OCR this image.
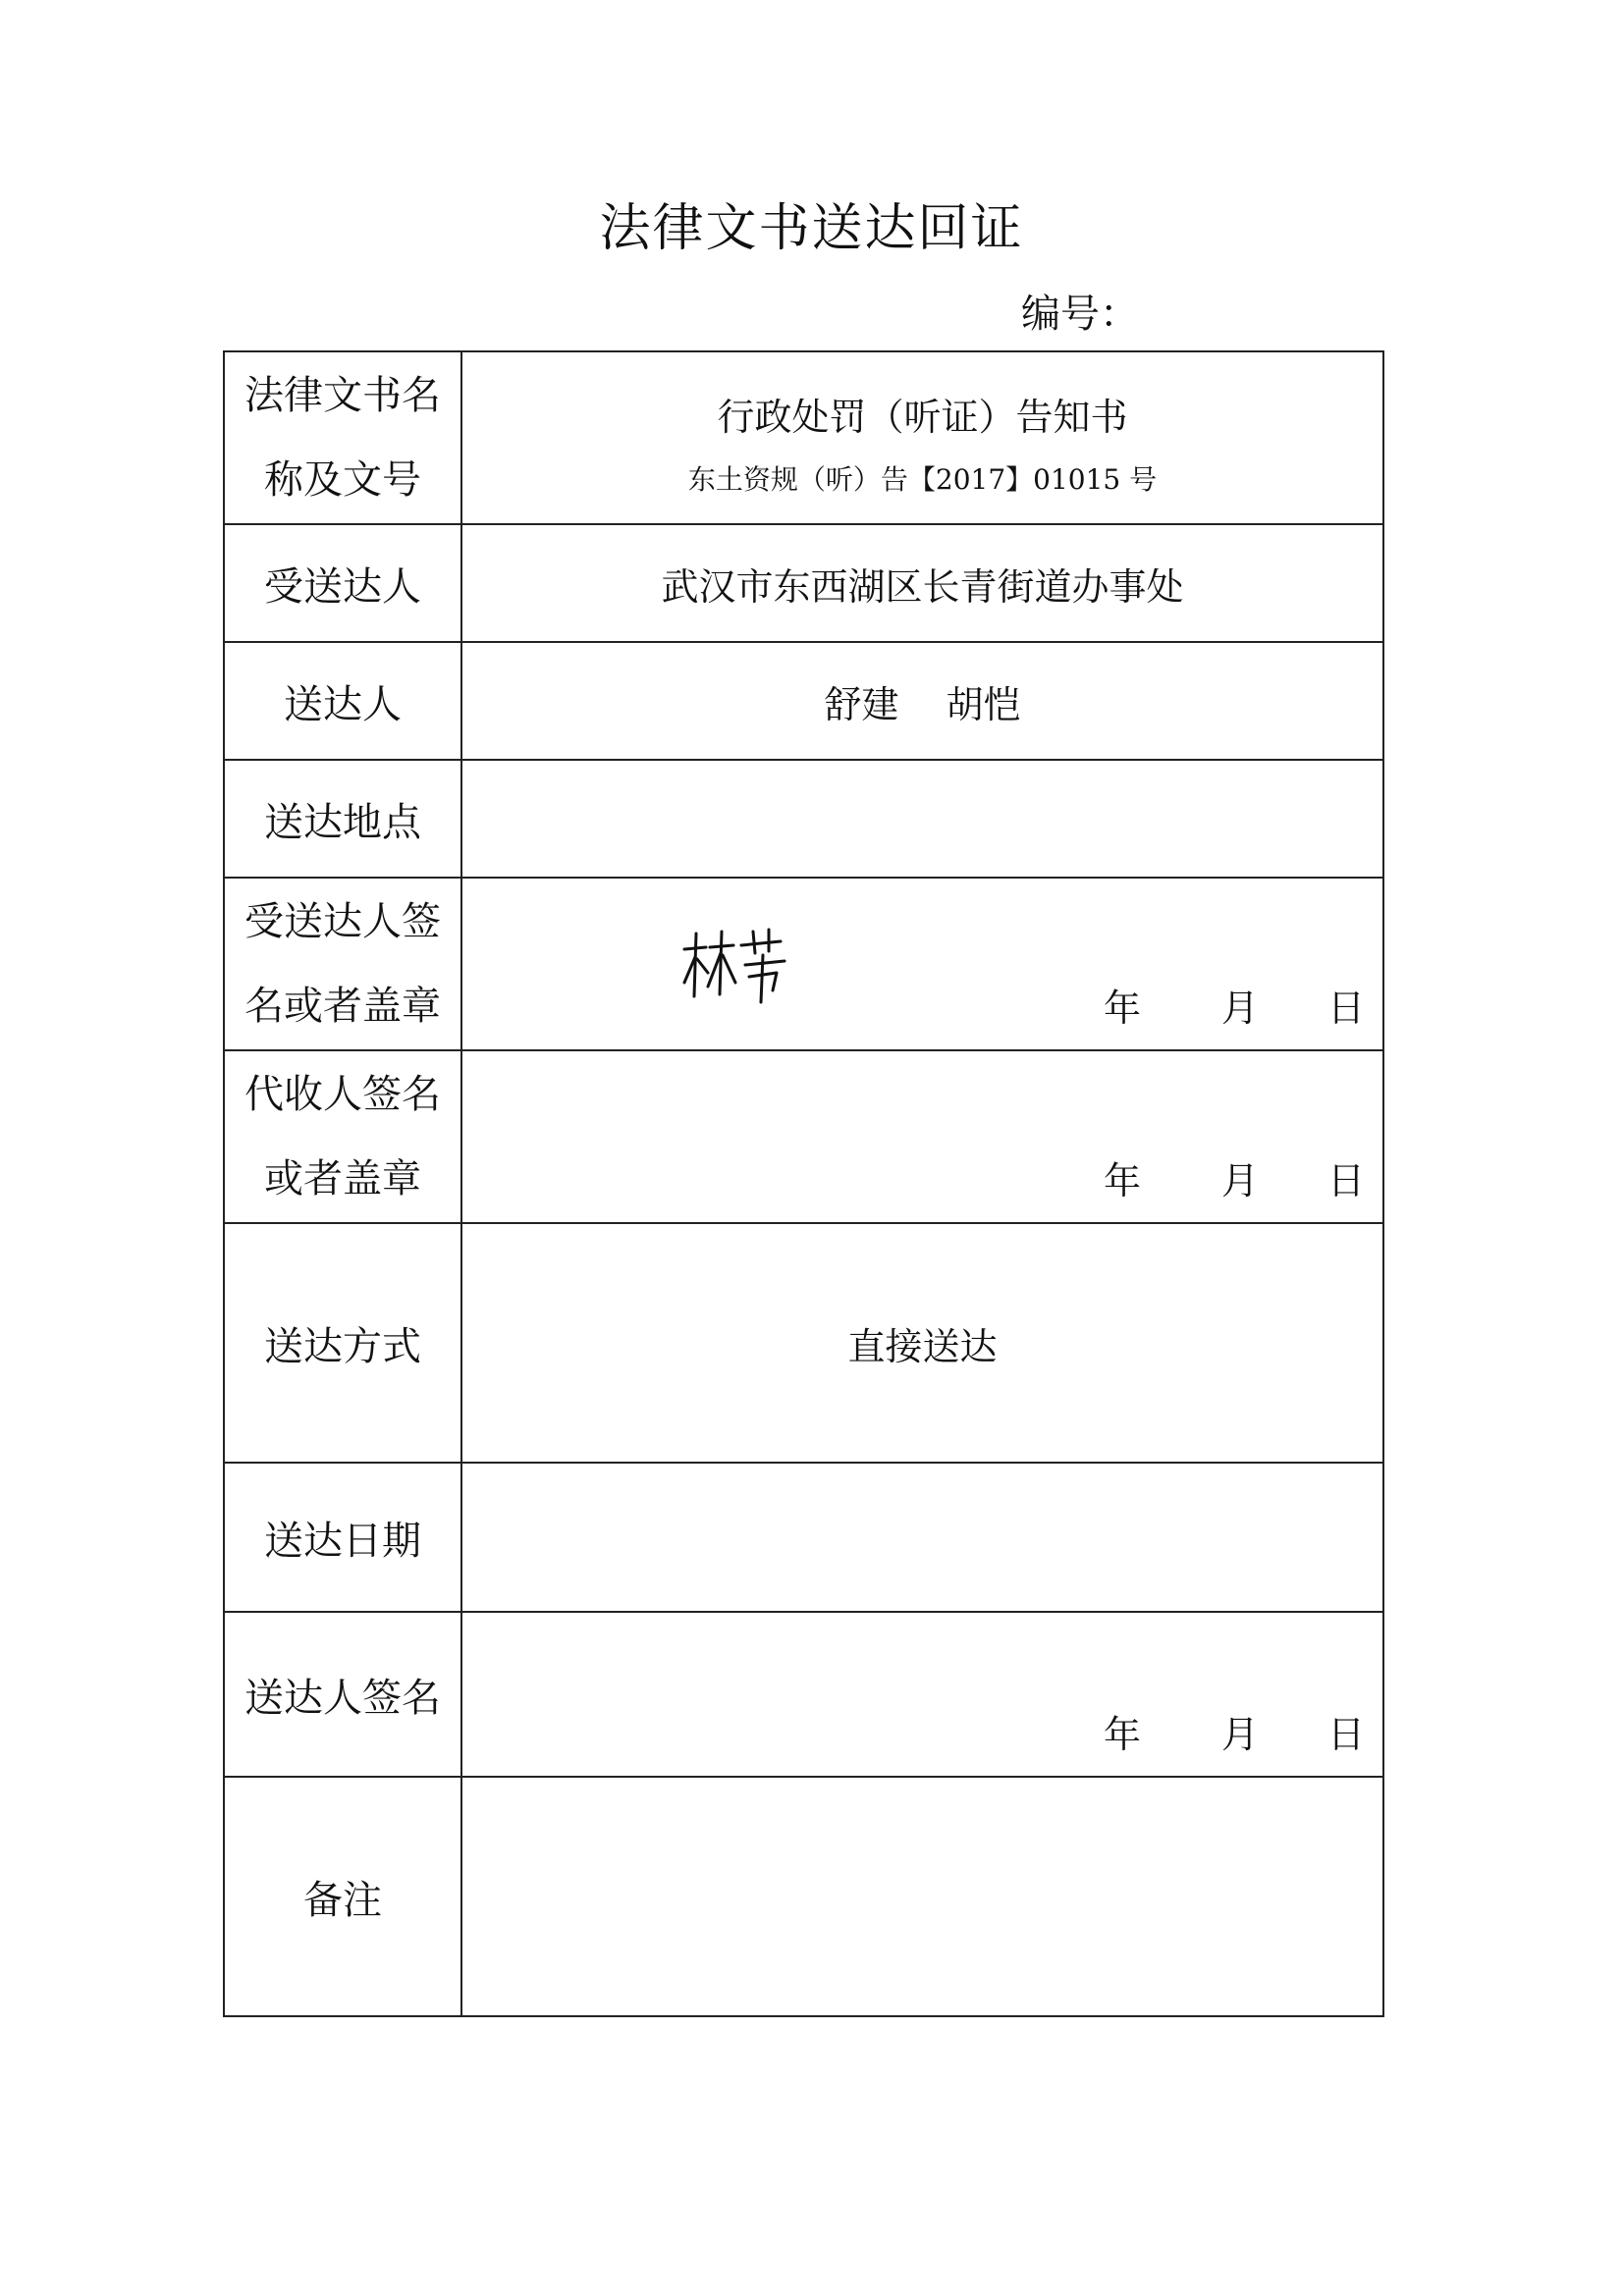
法律文书送达回证
编号：
法律文书名
称及文号	行政处罚（听证）告知书
东土资规（听）告【2017】01015 号

受送达人	武汉市东西湖区长青街道办事处
送达人	舒建 胡恺
送达地点	
受送达人签
名或者盖章	年 月 日

代收人签名
或者盖章	年 月 日

送达方式	直接送达
送达日期	
送达人签名	年 月 日

备注	
